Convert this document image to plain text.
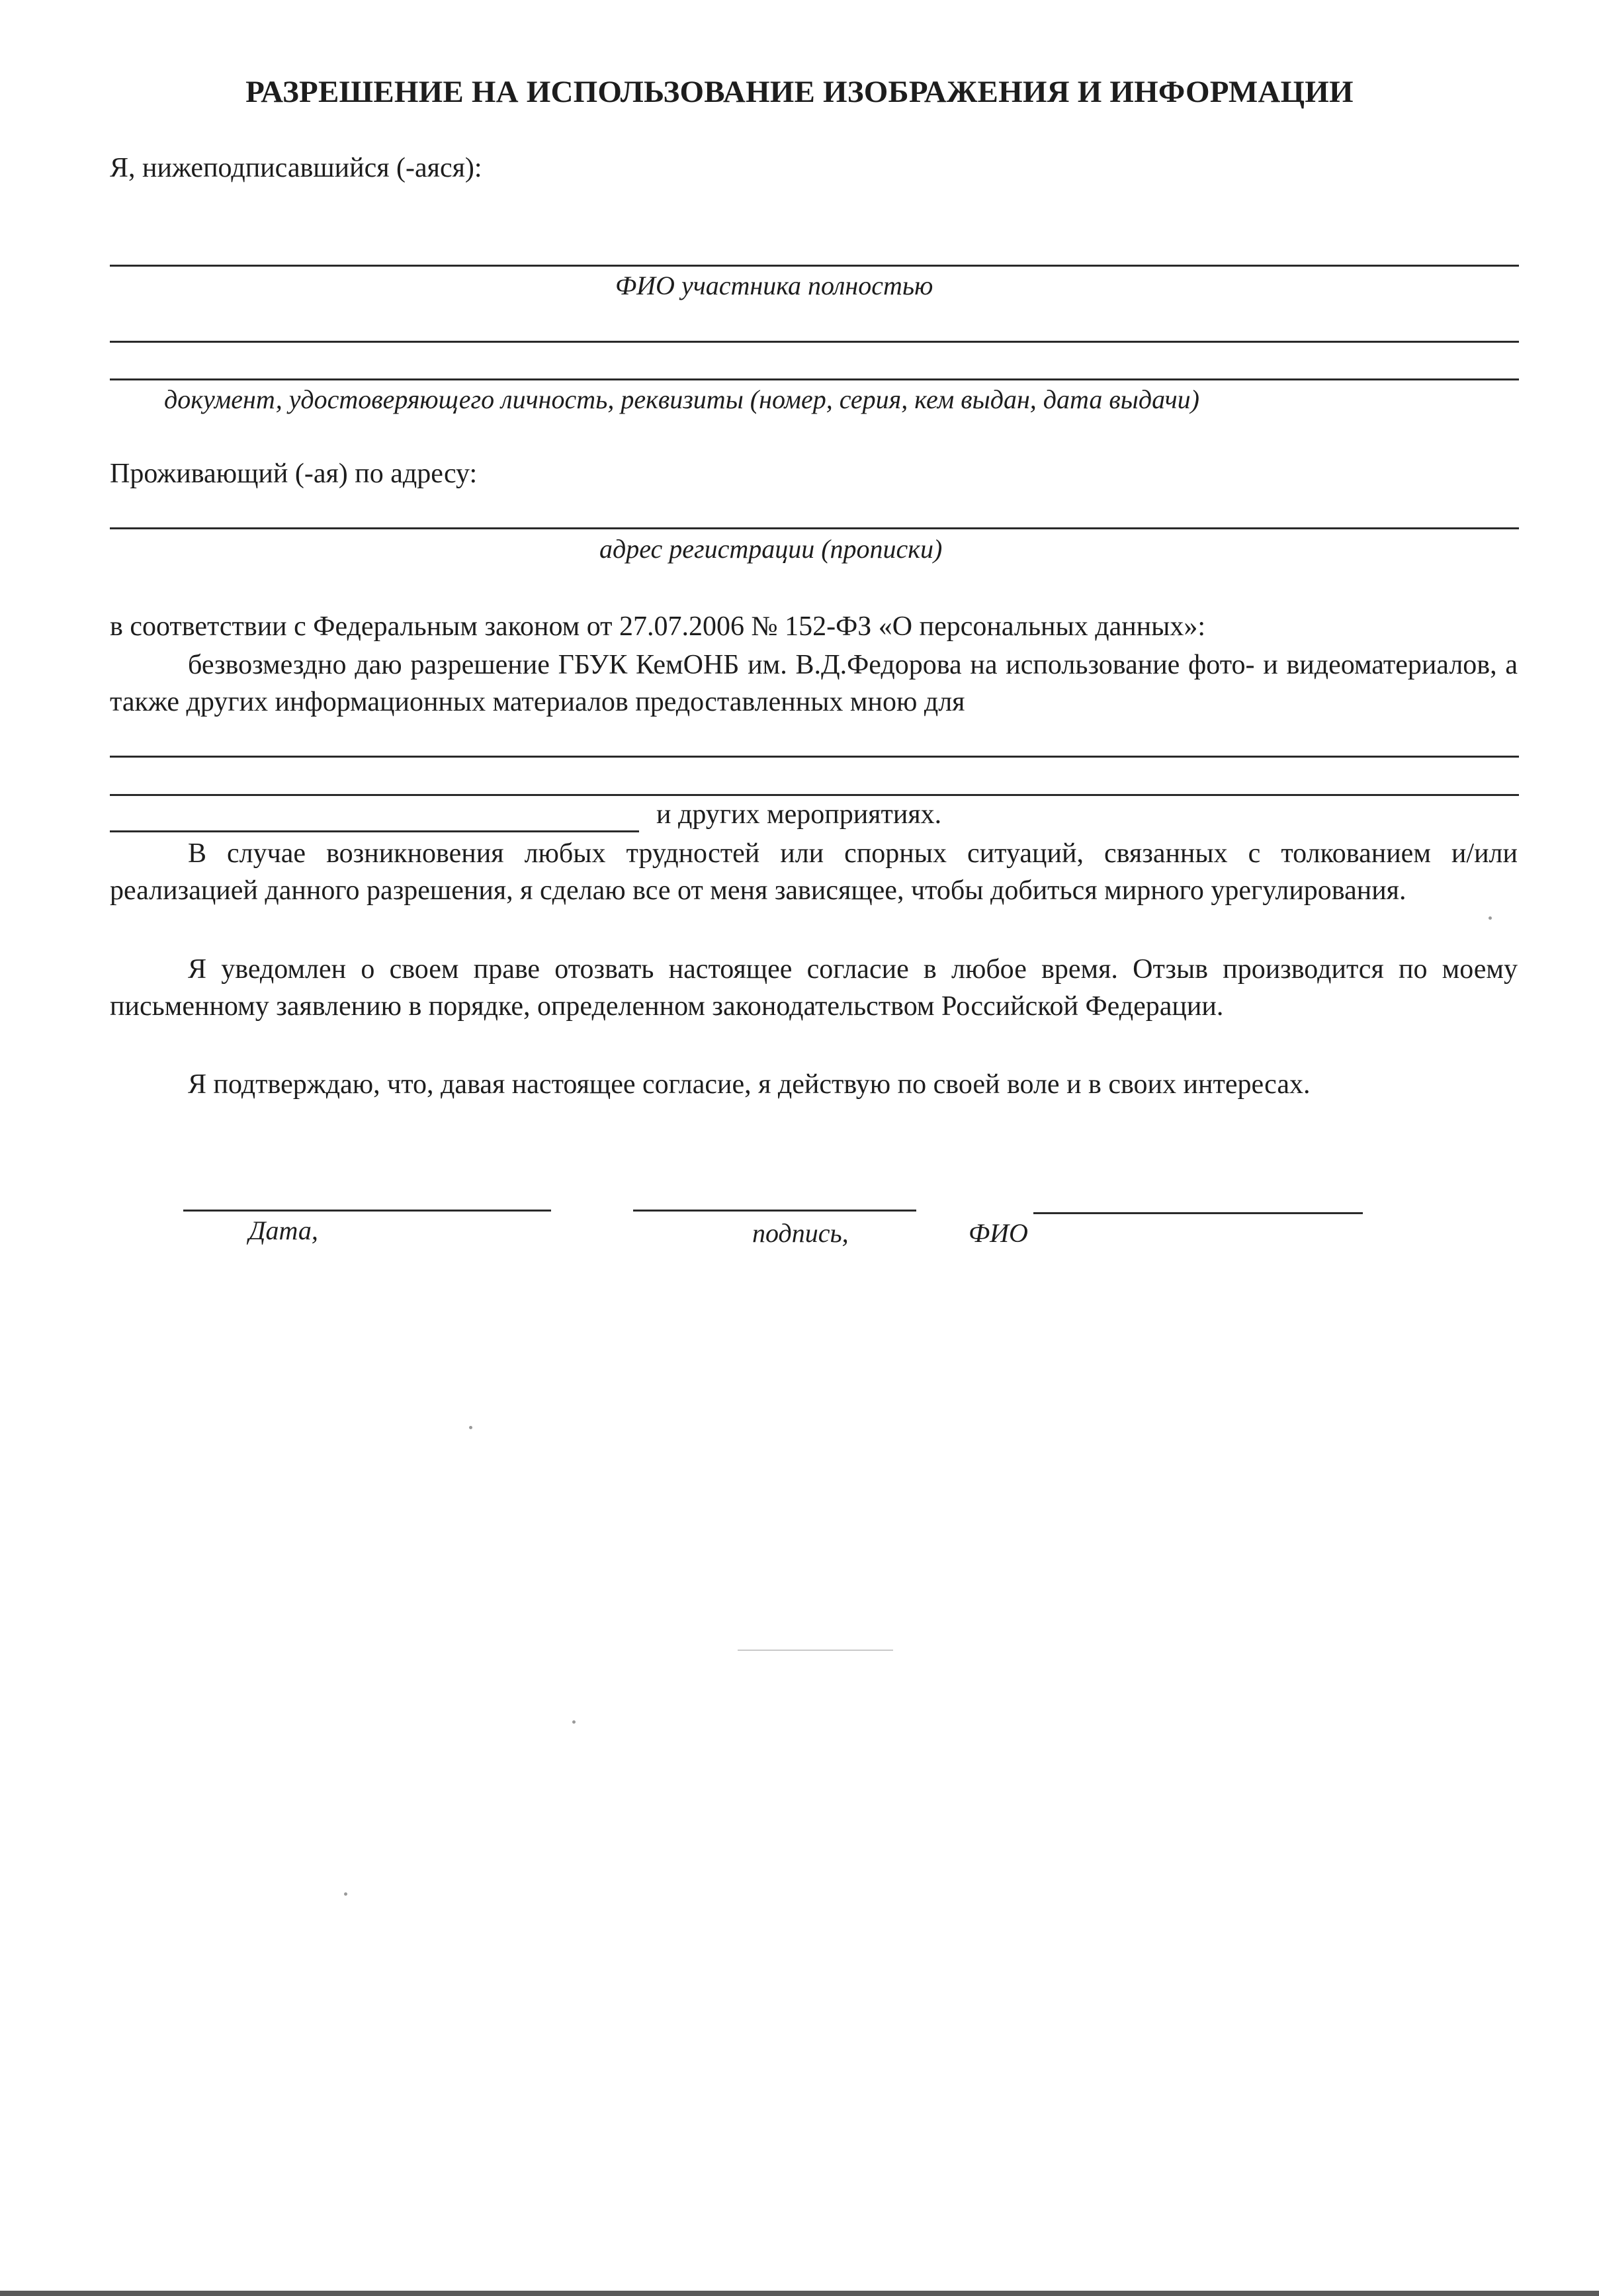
РАЗРЕШЕНИЕ НА ИСПОЛЬЗОВАНИЕ ИЗОБРАЖЕНИЯ И ИНФОРМАЦИИ
Я, нижеподписавшийся (-аяся):
ФИО участника полностью
документ, удостоверяющего личность, реквизиты (номер, серия, кем выдан, дата выдачи)
Проживающий (-ая) по адресу:
адрес регистрации (прописки)
в соответствии с Федеральным законом от 27.07.2006 № 152-ФЗ «О персональных данных»:
безвозмездно даю разрешение ГБУК КемОНБ им. В.Д.Федорова на использование фото- и видеоматериалов, а также других информационных материалов предоставленных мною для
и других мероприятиях.
В случае возникновения любых трудностей или спорных ситуаций, связанных с толкованием и/или реализацией данного разрешения, я сделаю все от меня зависящее, чтобы добиться мирного урегулирования.
Я уведомлен о своем праве отозвать настоящее согласие в любое время. Отзыв производится по моему письменному заявлению в порядке, определенном законодательством Российской Федерации.
Я подтверждаю, что, давая настоящее согласие, я действую по своей воле и в своих интересах.
Дата,	подпись,	ФИО
